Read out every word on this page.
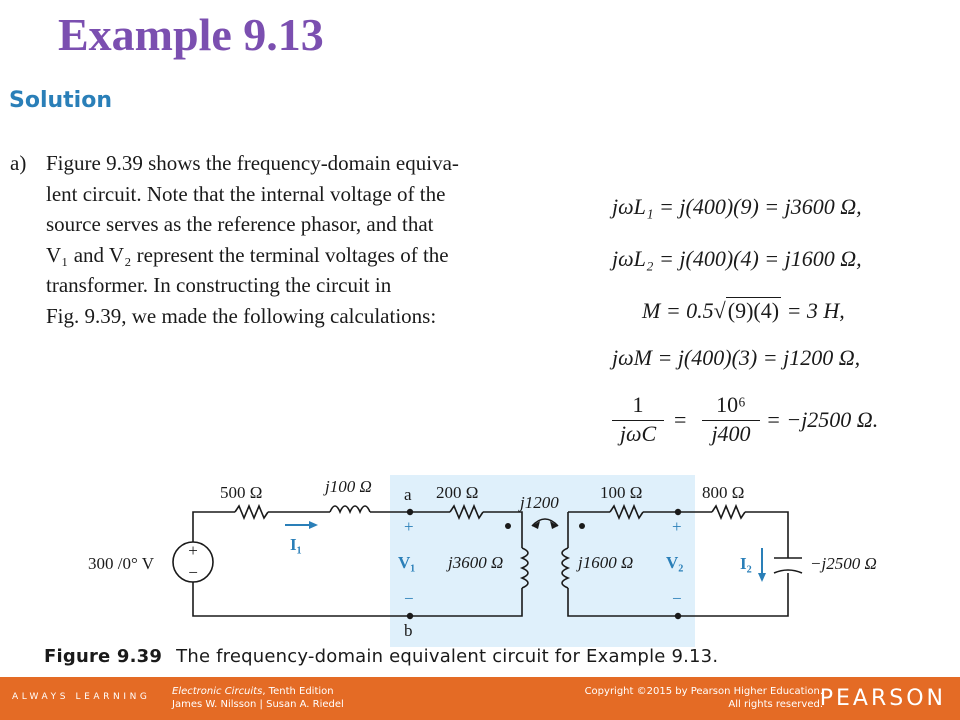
Example 9.13
Solution
a) Figure 9.39 shows the frequency-domain equiva-
lent circuit. Note that the internal voltage of the
source serves as the reference phasor, and that
V₁ and V₂ represent the terminal voltages of the
transformer. In constructing the circuit in
Fig. 9.39, we made the following calculations:
jωL₁ = j(400)(9) = j3600 Ω,
jωL₂ = j(400)(4) = j1600 Ω,
M = 0.5√(9)(4) = 3 H,
jωM = j(400)(3) = j1200 Ω,
1
jωC
= $\frac{\text{10⁶}}{j400} = -j2500$ Ω.
+
−
500 Ω	j100 Ω a
b
200 Ω
j1200
100 Ω	800 Ω
300 /0° V
I₁
+
V₁
−
j3600 Ω	j1600 Ω
+
V₂
−
I₂	−j2500 Ω
Figure 9.39 The frequency-domain equivalent circuit for Example 9.13.
ALWAYS LEARNING Electronic Circuits, Tenth Edition
James W. Nilsson | Susan A. Riedel
Copyright ©2015 by Pearson Higher Education.
All rights reserved.
PEARSON
